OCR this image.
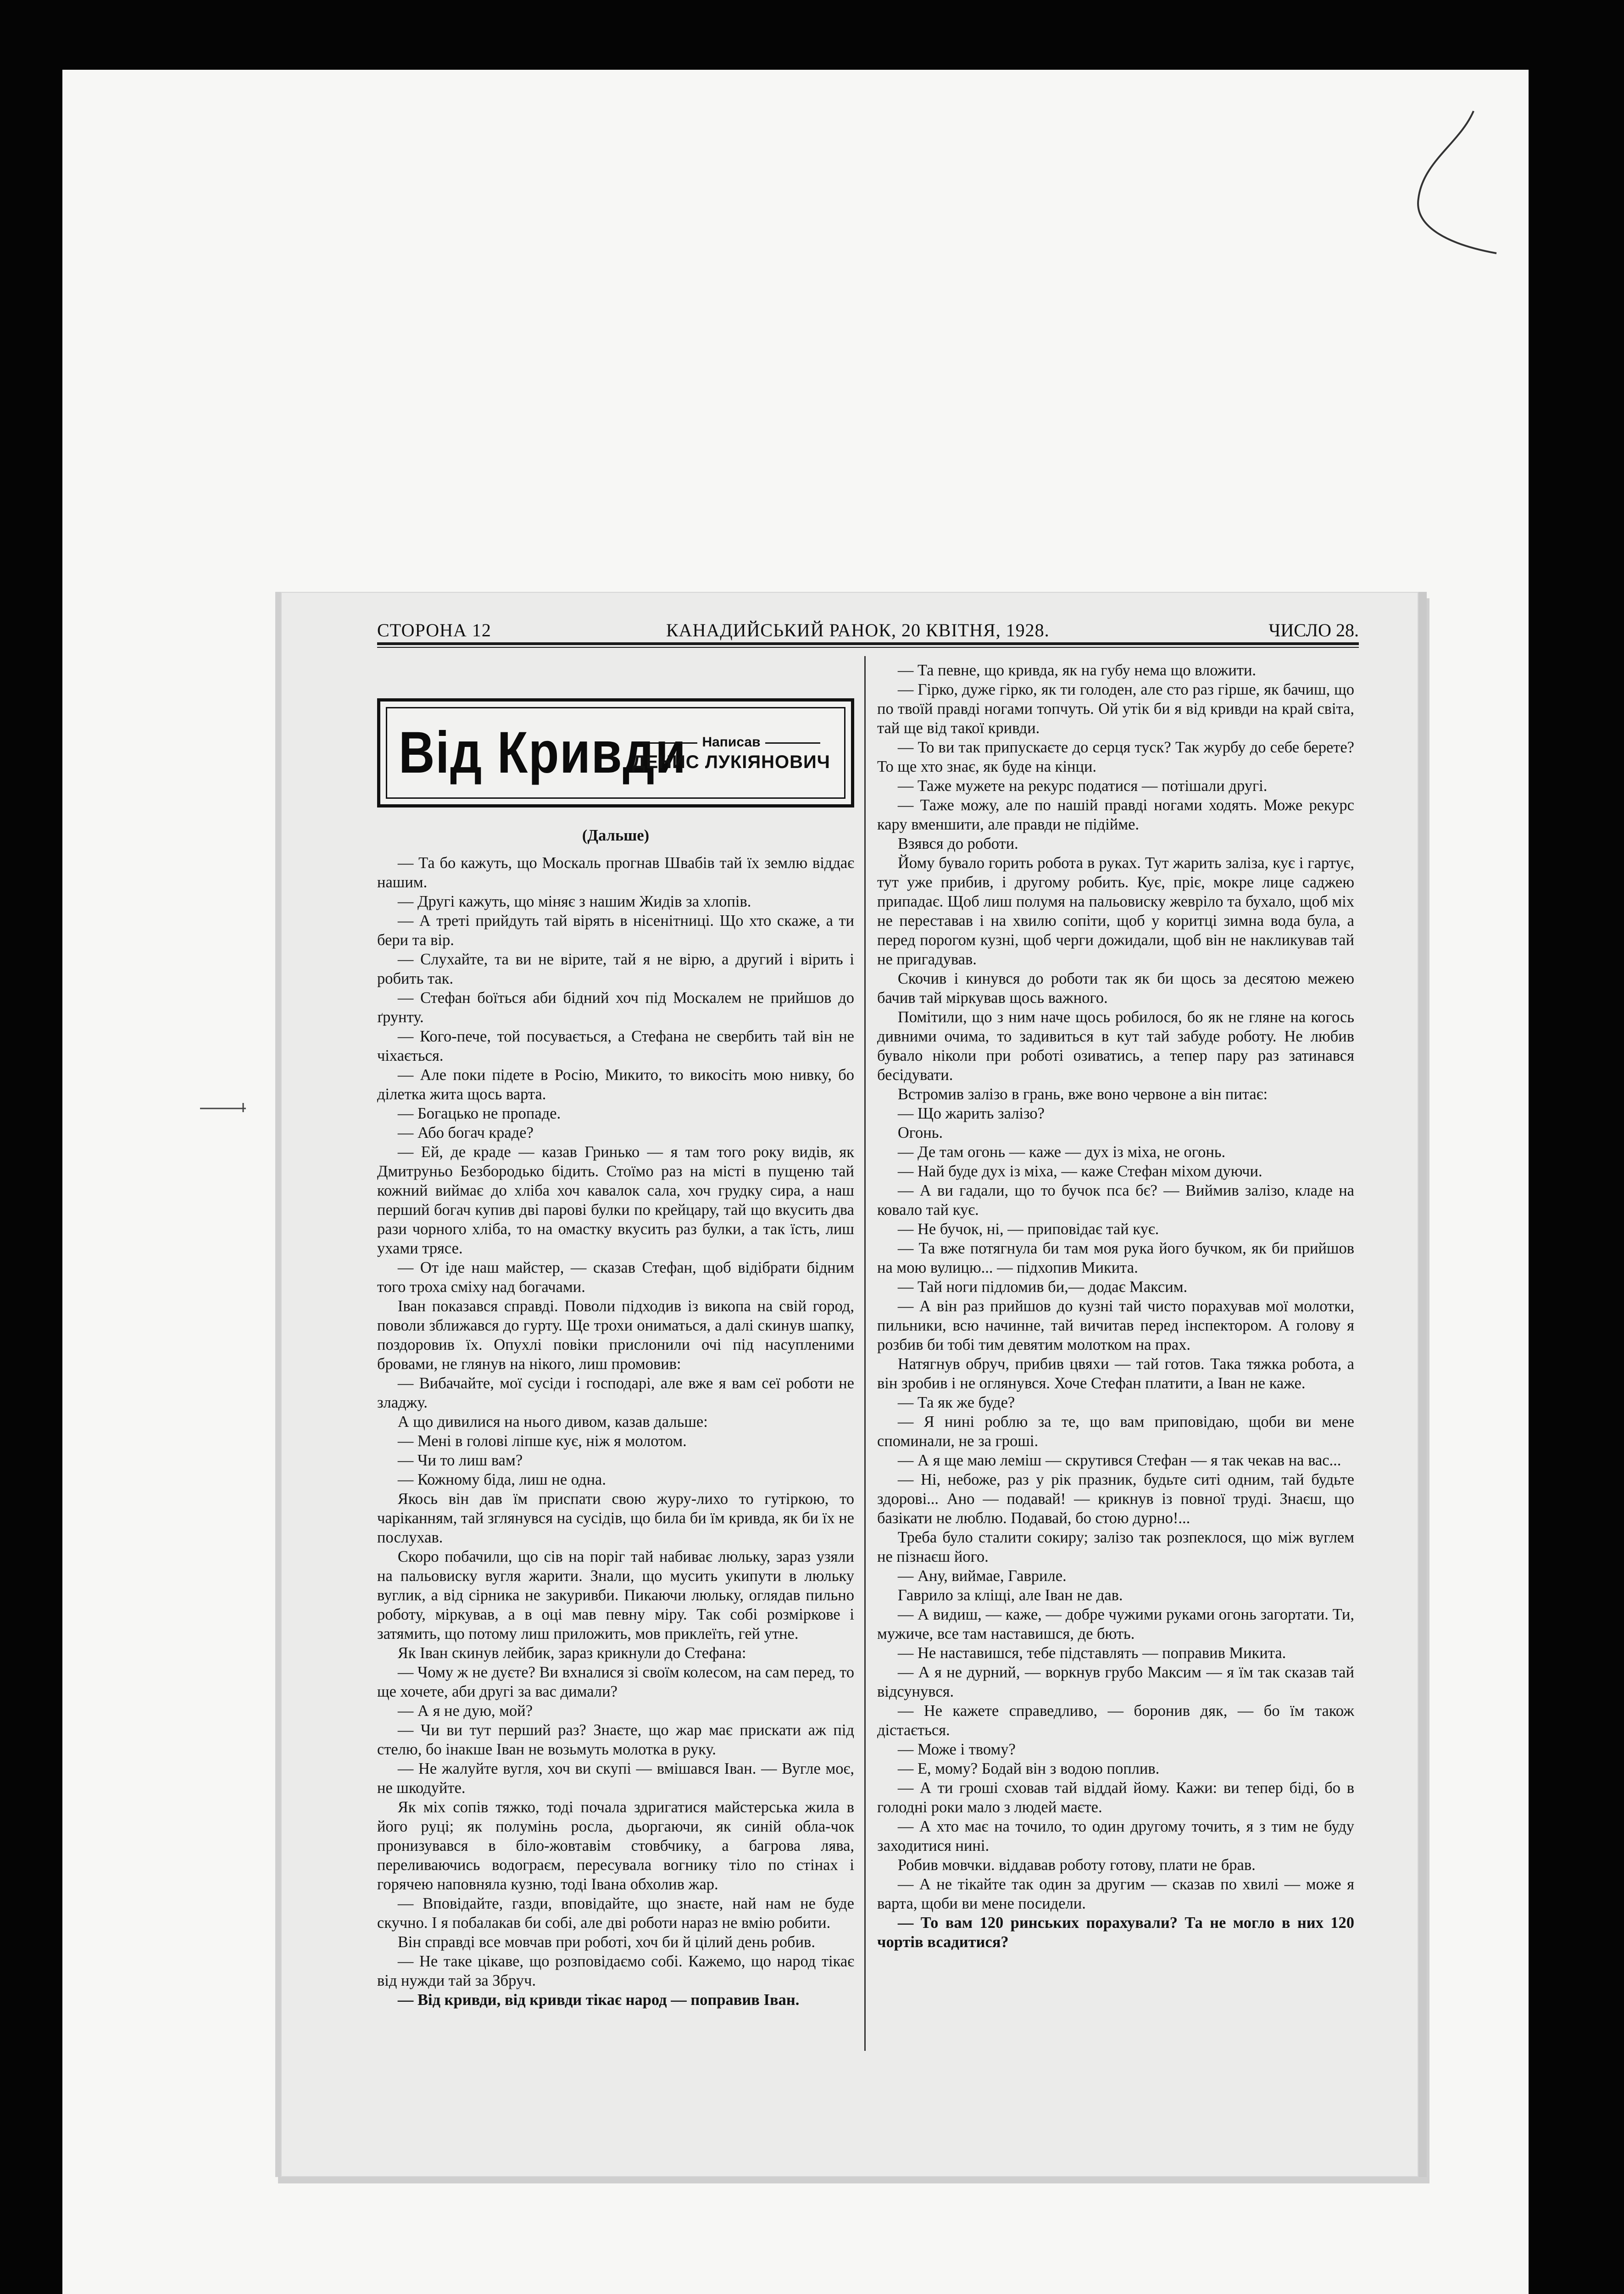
СТОРОНА 12	КАНАДИЙСЬКИЙ РАНОК, 20 КВІТНЯ, 1928.	ЧИСЛО 28.
Від Кривди	Написав
ДЕНИС ЛУКІЯНОВИЧ
(Дальше)

— Та бо кажуть, що Москаль прогнав Швабів тай їх землю віддає нашим.

— Другі кажуть, що міняє з нашим Жидів за хлопів.

— А треті прийдуть тай вірять в нісенітниці. Що хто скаже, а ти бери та вір.

— Слухайте, та ви не вірите, тай я не вірю, а другий і вірить і робить так.

— Стефан боїться аби бідний хоч під Москалем не прийшов до ґрунту.

— Кого-пече, той посувається, а Стефана не свербить тай він не чіхається.

— Але поки підете в Росію, Микито, то викосіть мою нивку, бо ділетка жита щось варта.

— Богацько не пропаде.

— Або богач краде?

— Ей, де краде — казав Гринько — я там того року видів, як Дмитруньо Безбородько бідить. Стоїмо раз на місті в пущеню тай кожний виймає до хліба хоч кавалок сала, хоч грудку сира, а наш перший богач купив дві парові булки по крейцару, тай що вкусить два рази чорного хліба, то на омастку вкусить раз булки, а так їсть, лиш ухами трясе.

— От іде наш майстер, — сказав Стефан, щоб відібрати бідним того троха сміху над богачами.

Іван показався справді. Поволи підходив із викопа на свій город, поволи зближався до гурту. Ще трохи ониматься, а далі скинув шапку, поздоровив їх. Опухлі повіки прислонили очі під насупленими бровами, не глянув на нікого, лиш промовив:

— Вибачайте, мої сусіди і господарі, але вже я вам сеї роботи не зладжу.

А що дивилися на нього дивом, казав дальше:

— Мені в голові ліпше кує, ніж я молотом.

— Чи то лиш вам?

— Кожному біда, лиш не одна.

Якось він дав їм приспати свою журу-лихо то гутіркою, то чаріканням, тай зглянувся на сусідів, що била би їм кривда, як би їх не послухав.

Скоро побачили, що сів на поріг тай набиває люльку, зараз узяли на пальовиску вугля жарити. Знали, що мусить укипути в люльку вуглик, а від сірника не закуривби. Пикаючи люльку, оглядав пильно роботу, міркував, а в оці мав певну міру. Так собі розміркове і затямить, що потому лиш приложить, мов приклеїть, гей утне.

Як Іван скинув лейбик, зараз крикнули до Стефана:

— Чому ж не дуєте? Ви вхналися зі своїм колесом, на сам перед, то ще хочете, аби другі за вас димали?

— А я не дую, мой?

— Чи ви тут перший раз? Знаєте, що жар має прискати аж під стелю, бо інакше Іван не возьмуть молотка в руку.

— Не жалуйте вугля, хоч ви скупі — вмішався Іван. — Вугле моє, не шкодуйте.

Як міх сопів тяжко, тоді почала здригатися майстерська жила в його руці; як полумінь росла, дьоргаючи, як синій обла-чок пронизувався в біло-жовтавім стовбчику, а багрова лява, переливаючись водограєм, пересувала вогнику тіло по стінах і горячею наповняла кузню, тоді Івана обхолив жар.

— Вповідайте, газди, вповідайте, що знаєте, най нам не буде скучно. І я побалакав би собі, але дві роботи нараз не вмію робити.

Він справді все мовчав при роботі, хоч би й цілий день робив.

— Не таке цікаве, що розповідаємо собі. Кажемо, що народ тікає від нужди тай за Збруч.

— Від кривди, від кривди тікає народ — поправив Іван.

— Та певне, що кривда, як на губу нема що вложити.

— Гірко, дуже гірко, як ти голоден, але сто раз гірше, як бачиш, що по твоїй правді ногами топчуть. Ой утік би я від кривди на край світа, тай ще від такої кривди.

— То ви так припускаєте до серця туск? Так журбу до себе берете? То ще хто знає, як буде на кінци.

— Таже мужете на рекурс податися — потішали другі.

— Таже можу, але по нашій правді ногами ходять. Може рекурс кару вменшити, але правди не підійме.

Взявся до роботи.

Йому бувало горить робота в руках. Тут жарить заліза, кує і гартує, тут уже прибив, і другому робить. Кує, пріє, мокре лице саджею припадає. Щоб лиш полумя на пальовиску жевріло та бухало, щоб міх не переставав і на хвилю сопіти, щоб у коритці зимна вода була, а перед порогом кузні, щоб черги дожидали, щоб він не накликував тай не пригадував.

Скочив і кинувся до роботи так як би щось за десятою межею бачив тай міркував щось важного.

Помітили, що з ним наче щось робилося, бо як не гляне на когось дивними очима, то задивиться в кут тай забуде роботу. Не любив бувало ніколи при роботі озиватись, а тепер пару раз затинався бесідувати.

Встромив залізо в грань, вже воно червоне а він питає:

— Що жарить залізо?

Огонь.

— Де там огонь — каже — дух із міха, не огонь.

— Най буде дух із міха, — каже Стефан міхом дуючи.

— А ви гадали, що то бучок пса бє? — Виймив залізо, кладе на ковало тай кує.

— Не бучок, ні, — приповідає тай кує.

— Та вже потягнула би там моя рука його бучком, як би прийшов на мою вулицю... — підхопив Микита.

— Тай ноги підломив би,— додає Максим.

— А він раз прийшов до кузні тай чисто порахував мої молотки, пильники, всю начинне, тай вичитав перед інспектором. А голову я розбив би тобі тим девятим молотком на прах.

Натягнув обруч, прибив цвяхи — тай готов. Така тяжка робота, а він зробив і не оглянувся. Хоче Стефан платити, а Іван не каже.

— Та як же буде?

— Я нині роблю за те, що вам приповідаю, щоби ви мене споминали, не за гроші.

— А я ще маю леміш — скрутився Стефан — я так чекав на вас...

— Ні, небоже, раз у рік празник, будьте ситі одним, тай будьте здорові... Ано — подавай! — крикнув із повної труді. Знаєш, що базікати не люблю. Подавай, бо стою дурно!...

Треба було сталити сокиру; залізо так розпеклося, що між вуглем не пізнаєш його.

— Ану, виймае, Гавриле.

Гаврило за кліщі, але Іван не дав.

— А видиш, — каже, — добре чужими руками огонь загортати. Ти, мужиче, все там наставишся, де бють.

— Не наставишся, тебе підставлять — поправив Микита.

— А я не дурний, — воркнув грубо Максим — я їм так сказав тай відсунувся.

— Не кажете справедливо, — боронив дяк, — бо їм також дістається.

— Може і твому?

— Е, мому? Бодай він з водою поплив.

— А ти гроші сховав тай віддай йому. Кажи: ви тепер біді, бо в голодні роки мало з людей маєте.

— А хто має на точило, то один другому точить, я з тим не буду заходитися нині.

Робив мовчки. віддавав роботу готову, плати не брав.

— А не тікайте так один за другим — сказав по хвилі — може я варта, щоби ви мене посидели.

— То вам 120 ринських порахували? Та не могло в них 120 чортів всадитися?
